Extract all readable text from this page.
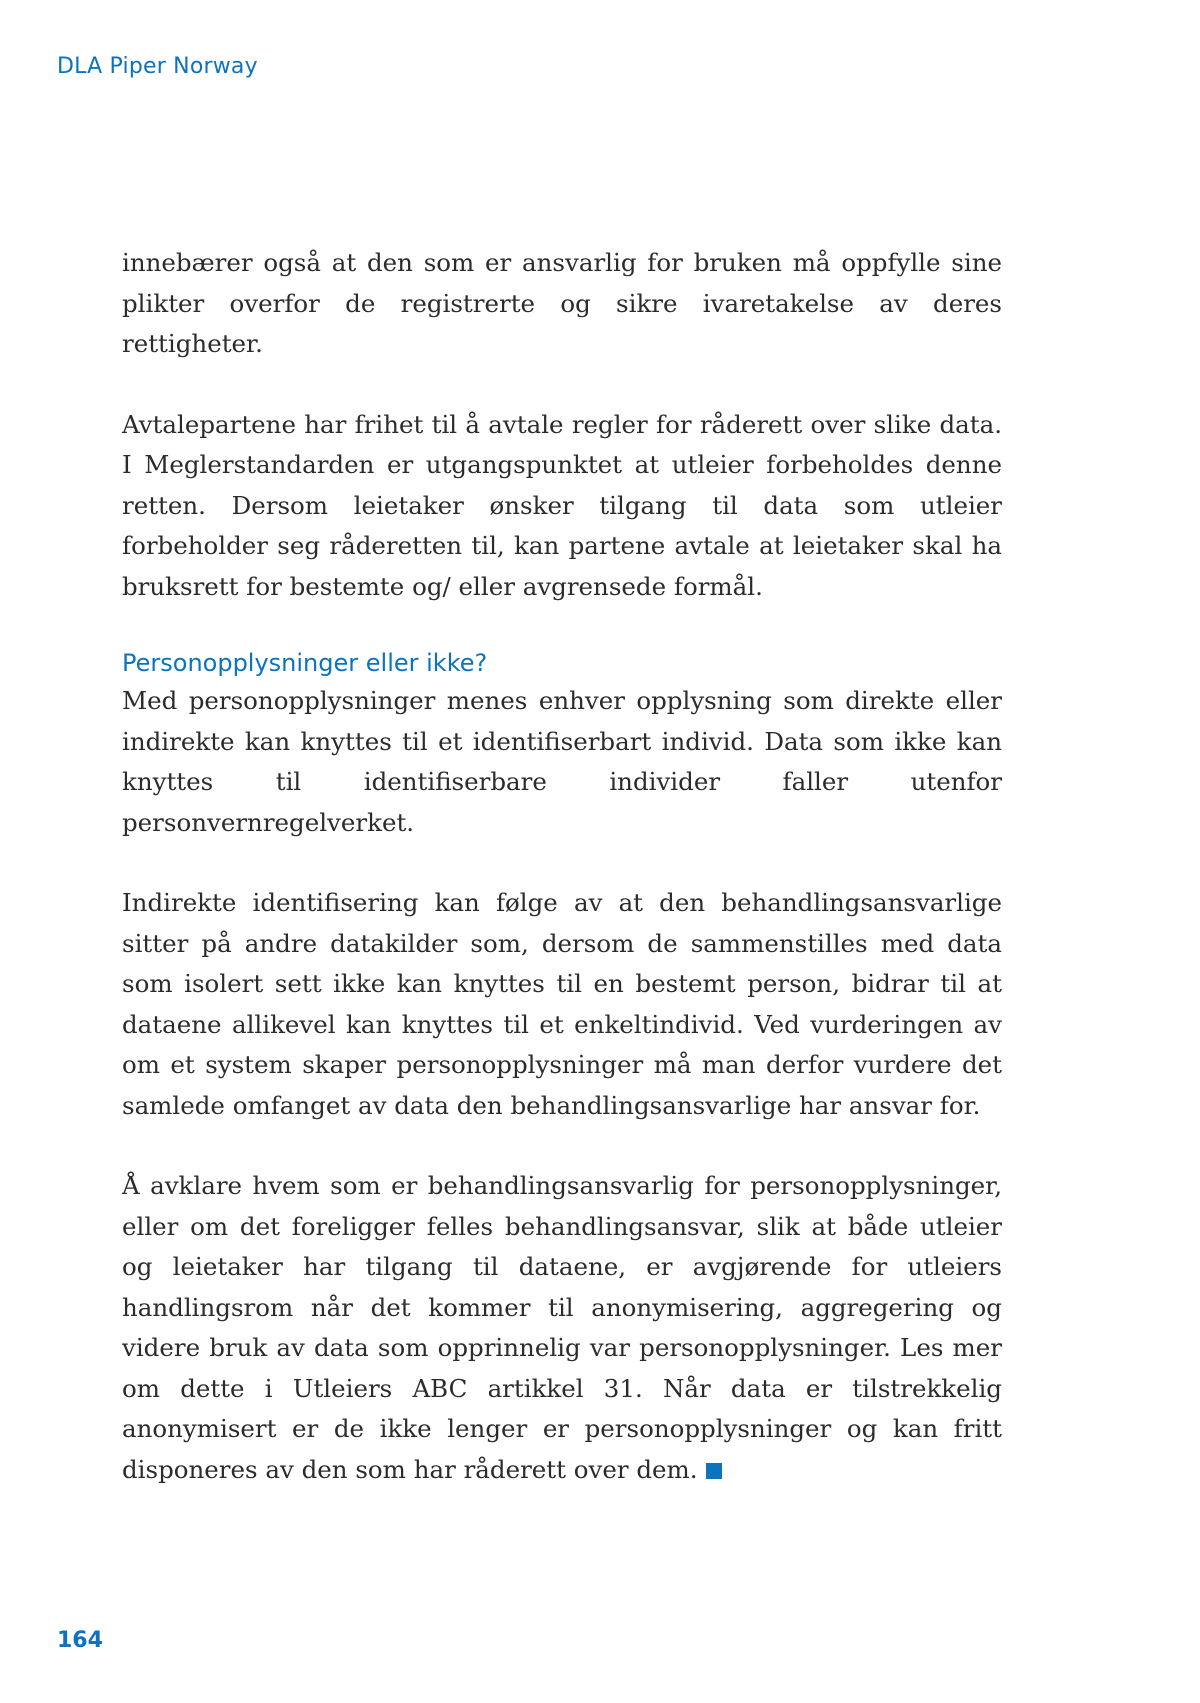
DLA Piper Norway

innebærer også at den som er ansvarlig for bruken må oppfylle sine plikter overfor de registrerte og sikre ivaretakelse av deres rettigheter.

Avtalepartene har frihet til å avtale regler for råderett over slike data. I Meglerstandarden er utgangspunktet at utleier forbeholdes denne retten. Dersom leietaker ønsker tilgang til data som utleier forbeholder seg råderetten til, kan partene avtale at leietaker skal ha bruksrett for bestemte og/ eller avgrensede formål.

Personopplysninger eller ikke?

Med personopplysninger menes enhver opplysning som direkte eller indirekte kan knyttes til et identifiserbart individ. Data som ikke kan knyttes til identifiserbare individer faller utenfor personvernregelverket.

Indirekte identifisering kan følge av at den behandlingsansvarlige sitter på andre datakilder som, dersom de sammenstilles med data som isolert sett ikke kan knyttes til en bestemt person, bidrar til at dataene allikevel kan knyttes til et enkeltindivid. Ved vurderingen av om et system skaper personopplysninger må man derfor vurdere det samlede omfanget av data den behandlingsansvarlige har ansvar for.

Å avklare hvem som er behandlingsansvarlig for personopplysninger, eller om det foreligger felles behandlingsansvar, slik at både utleier og leietaker har tilgang til dataene, er avgjørende for utleiers handlingsrom når det kommer til anonymisering, aggregering og videre bruk av data som opprinnelig var personopplysninger. Les mer om dette i Utleiers ABC artikkel 31. Når data er tilstrekkelig anonymisert er de ikke lenger er personopplysninger og kan fritt disponeres av den som har råderett over dem.

164
